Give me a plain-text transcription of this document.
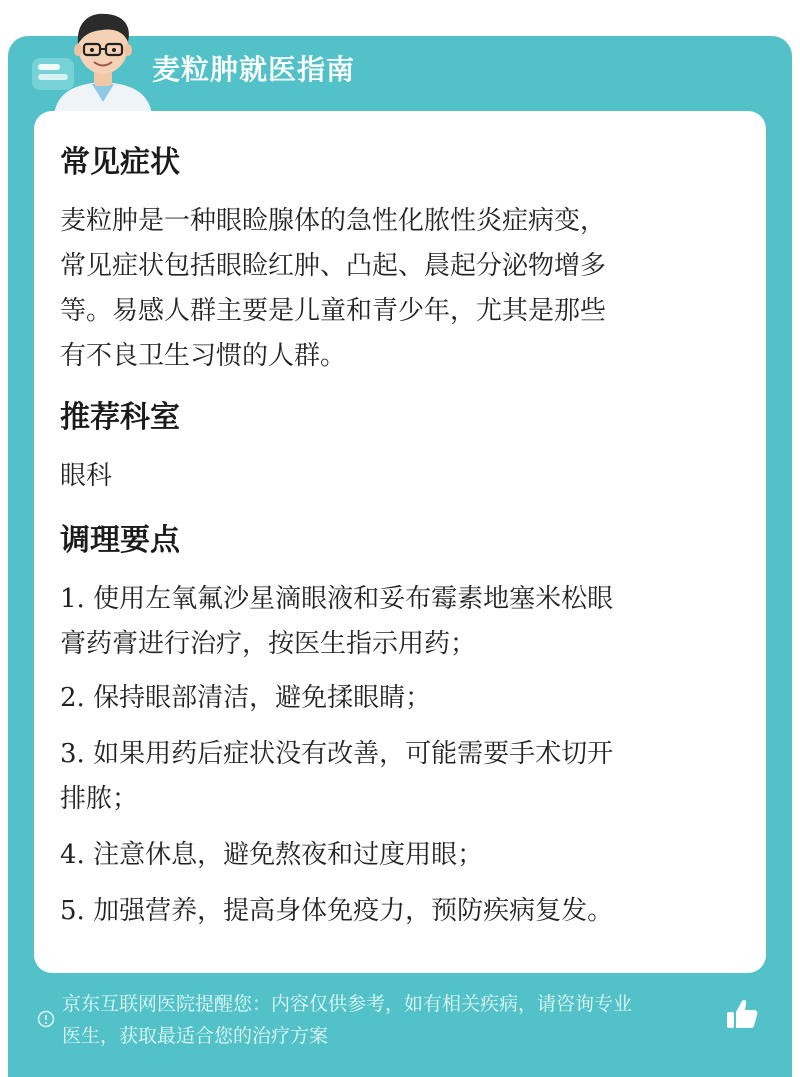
麦粒肿就医指南
常见症状
麦粒肿是一种眼睑腺体的急性化脓性炎症病变，
常见症状包括眼睑红肿、凸起、晨起分泌物增多
等。易感人群主要是儿童和青少年，尤其是那些
有不良卫生习惯的人群。
推荐科室
眼科
调理要点
1. 使用左氧氟沙星滴眼液和妥布霉素地塞米松眼
膏药膏进行治疗，按医生指示用药；
2. 保持眼部清洁，避免揉眼睛；
3. 如果用药后症状没有改善，可能需要手术切开
排脓；
4. 注意休息，避免熬夜和过度用眼；
5. 加强营养，提高身体免疫力，预防疾病复发。
京东互联网医院提醒您：内容仅供参考，如有相关疾病，请咨询专业
医生，获取最适合您的治疗方案
